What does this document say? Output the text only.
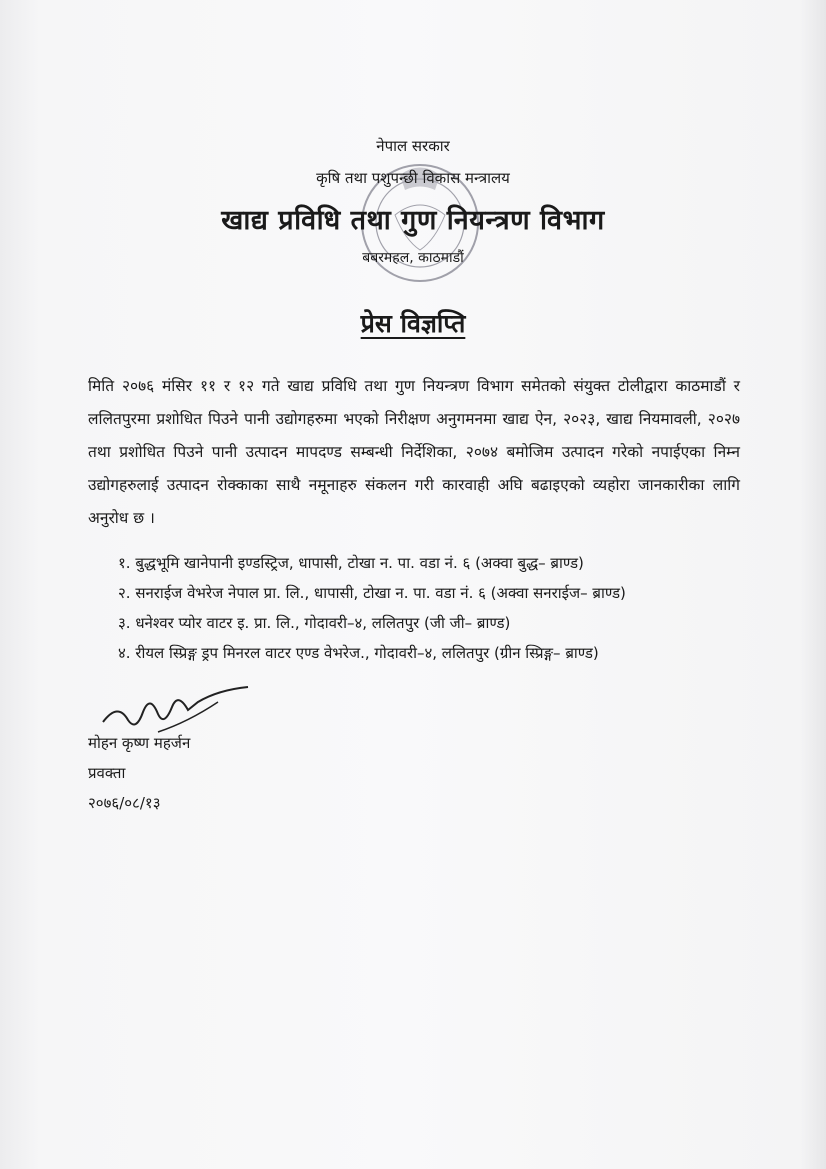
नेपाल सरकार
कृषि तथा पशुपन्छी विकास मन्त्रालय
खाद्य प्रविधि तथा गुण नियन्त्रण विभाग
बबरमहल, काठमाडौं
प्रेस विज्ञप्ति
मिति २०७६ मंसिर ११ र १२ गते खाद्य प्रविधि तथा गुण नियन्त्रण विभाग समेतको संयुक्त टोलीद्वारा काठमाडौं र ललितपुरमा प्रशोधित पिउने पानी उद्योगहरुमा भएको निरीक्षण अनुगमनमा खाद्य ऐन, २०२३, खाद्य नियमावली, २०२७ तथा प्रशोधित पिउने पानी उत्पादन मापदण्ड सम्बन्धी निर्देशिका, २०७४ बमोजिम उत्पादन गरेको नपाईएका निम्न उद्योगहरुलाई उत्पादन रोक्काका साथै नमूनाहरु संकलन गरी कारवाही अघि बढाइएको व्यहोरा जानकारीका लागि अनुरोध छ ।
१. बुद्धभूमि खानेपानी इण्डस्ट्रिज, धापासी, टोखा न. पा. वडा नं. ६ (अक्वा बुद्ध– ब्राण्ड)
२. सनराईज वेभरेज नेपाल प्रा. लि., धापासी, टोखा न. पा. वडा नं. ६ (अक्वा सनराईज– ब्राण्ड)
३. धनेश्वर प्योर वाटर इ. प्रा. लि., गोदावरी–४, ललितपुर (जी जी– ब्राण्ड)
४. रीयल स्प्रिङ्ग ड्रप मिनरल वाटर एण्ड वेभरेज., गोदावरी–४, ललितपुर (ग्रीन स्प्रिङ्ग– ब्राण्ड)
मोहन कृष्ण महर्जन
प्रवक्ता
२०७६/०८/१३
